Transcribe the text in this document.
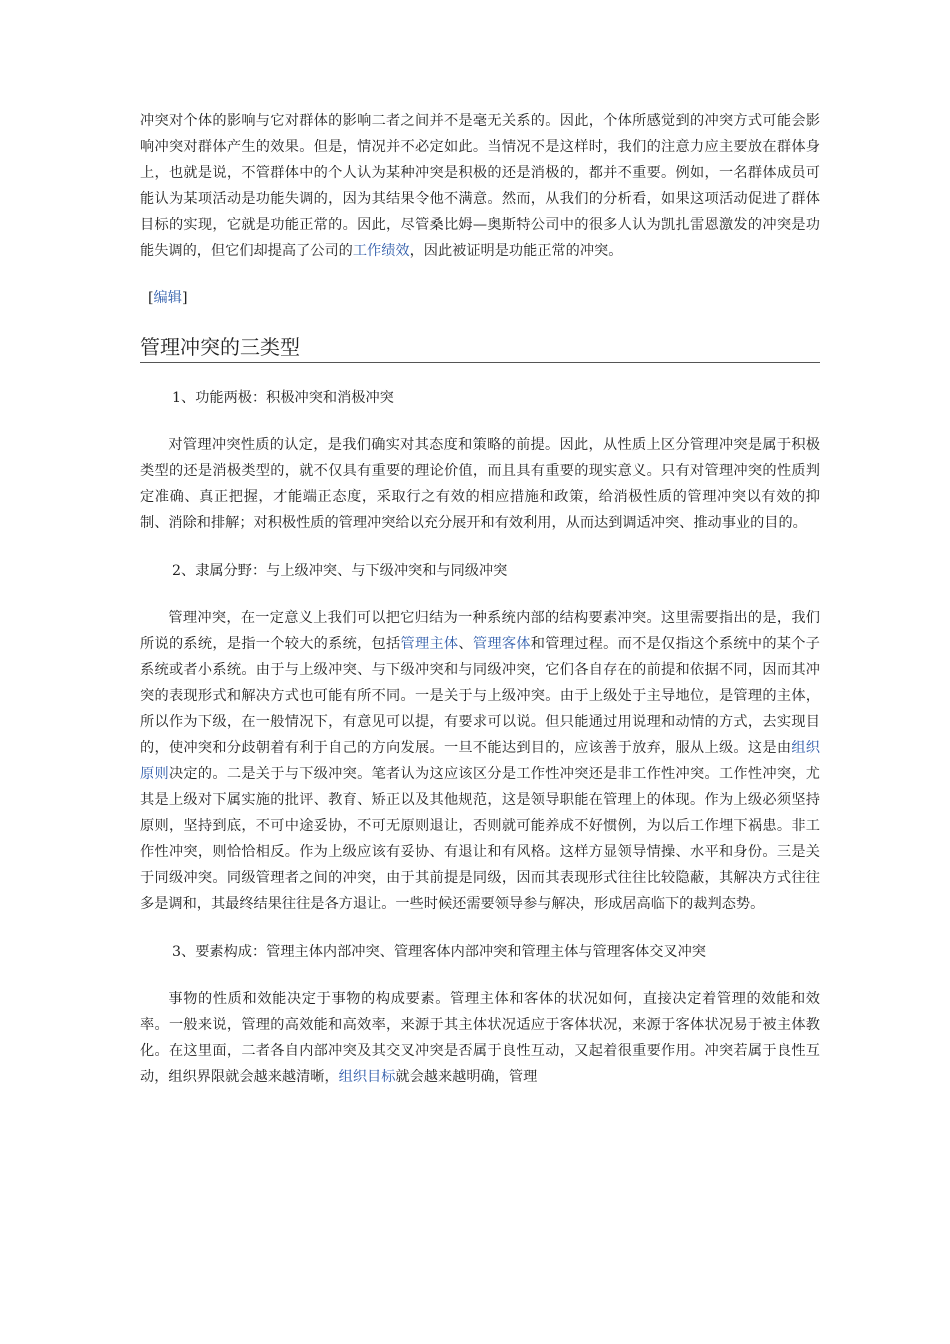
冲突对个体的影响与它对群体的影响二者之间并不是毫无关系的。因此，个体所感觉到的冲突方式可能会影响冲突对群体产生的效果。但是，情况并不必定如此。当情况不是这样时，我们的注意力应主要放在群体身上，也就是说，不管群体中的个人认为某种冲突是积极的还是消极的，都并不重要。例如，一名群体成员可能认为某项活动是功能失调的，因为其结果令他不满意。然而，从我们的分析看，如果这项活动促进了群体目标的实现，它就是功能正常的。因此，尽管桑比姆—奥斯特公司中的很多人认为凯扎雷恩激发的冲突是功能失调的，但它们却提高了公司的工作绩效，因此被证明是功能正常的冲突。

[编辑]
管理冲突的三类型

1、功能两极：积极冲突和消极冲突

对管理冲突性质的认定，是我们确实对其态度和策略的前提。因此，从性质上区分管理冲突是属于积极类型的还是消极类型的，就不仅具有重要的理论价值，而且具有重要的现实意义。只有对管理冲突的性质判定准确、真正把握，才能端正态度，采取行之有效的相应措施和政策，给消极性质的管理冲突以有效的抑制、消除和排解；对积极性质的管理冲突给以充分展开和有效利用，从而达到调适冲突、推动事业的目的。

2、隶属分野：与上级冲突、与下级冲突和与同级冲突

管理冲突，在一定意义上我们可以把它归结为一种系统内部的结构要素冲突。这里需要指出的是，我们所说的系统，是指一个较大的系统，包括管理主体、管理客体和管理过程。而不是仅指这个系统中的某个子系统或者小系统。由于与上级冲突、与下级冲突和与同级冲突，它们各自存在的前提和依据不同，因而其冲突的表现形式和解决方式也可能有所不同。一是关于与上级冲突。由于上级处于主导地位，是管理的主体，所以作为下级，在一般情况下，有意见可以提，有要求可以说。但只能通过用说理和动情的方式，去实现目的，使冲突和分歧朝着有利于自己的方向发展。一旦不能达到目的，应该善于放弃，服从上级。这是由组织原则决定的。二是关于与下级冲突。笔者认为这应该区分是工作性冲突还是非工作性冲突。工作性冲突，尤其是上级对下属实施的批评、教育、矫正以及其他规范，这是领导职能在管理上的体现。作为上级必须坚持原则，坚持到底，不可中途妥协，不可无原则退让，否则就可能养成不好惯例，为以后工作埋下祸患。非工作性冲突，则恰恰相反。作为上级应该有妥协、有退让和有风格。这样方显领导情操、水平和身份。三是关于同级冲突。同级管理者之间的冲突，由于其前提是同级，因而其表现形式往往比较隐蔽，其解决方式往往多是调和，其最终结果往往是各方退让。一些时候还需要领导参与解决，形成居高临下的裁判态势。

3、要素构成：管理主体内部冲突、管理客体内部冲突和管理主体与管理客体交叉冲突

事物的性质和效能决定于事物的构成要素。管理主体和客体的状况如何，直接决定着管理的效能和效率。一般来说，管理的高效能和高效率，来源于其主体状况适应于客体状况，来源于客体状况易于被主体教化。在这里面，二者各自内部冲突及其交叉冲突是否属于良性互动，又起着很重要作用。冲突若属于良性互动，组织界限就会越来越清晰，组织目标就会越来越明确，管理
